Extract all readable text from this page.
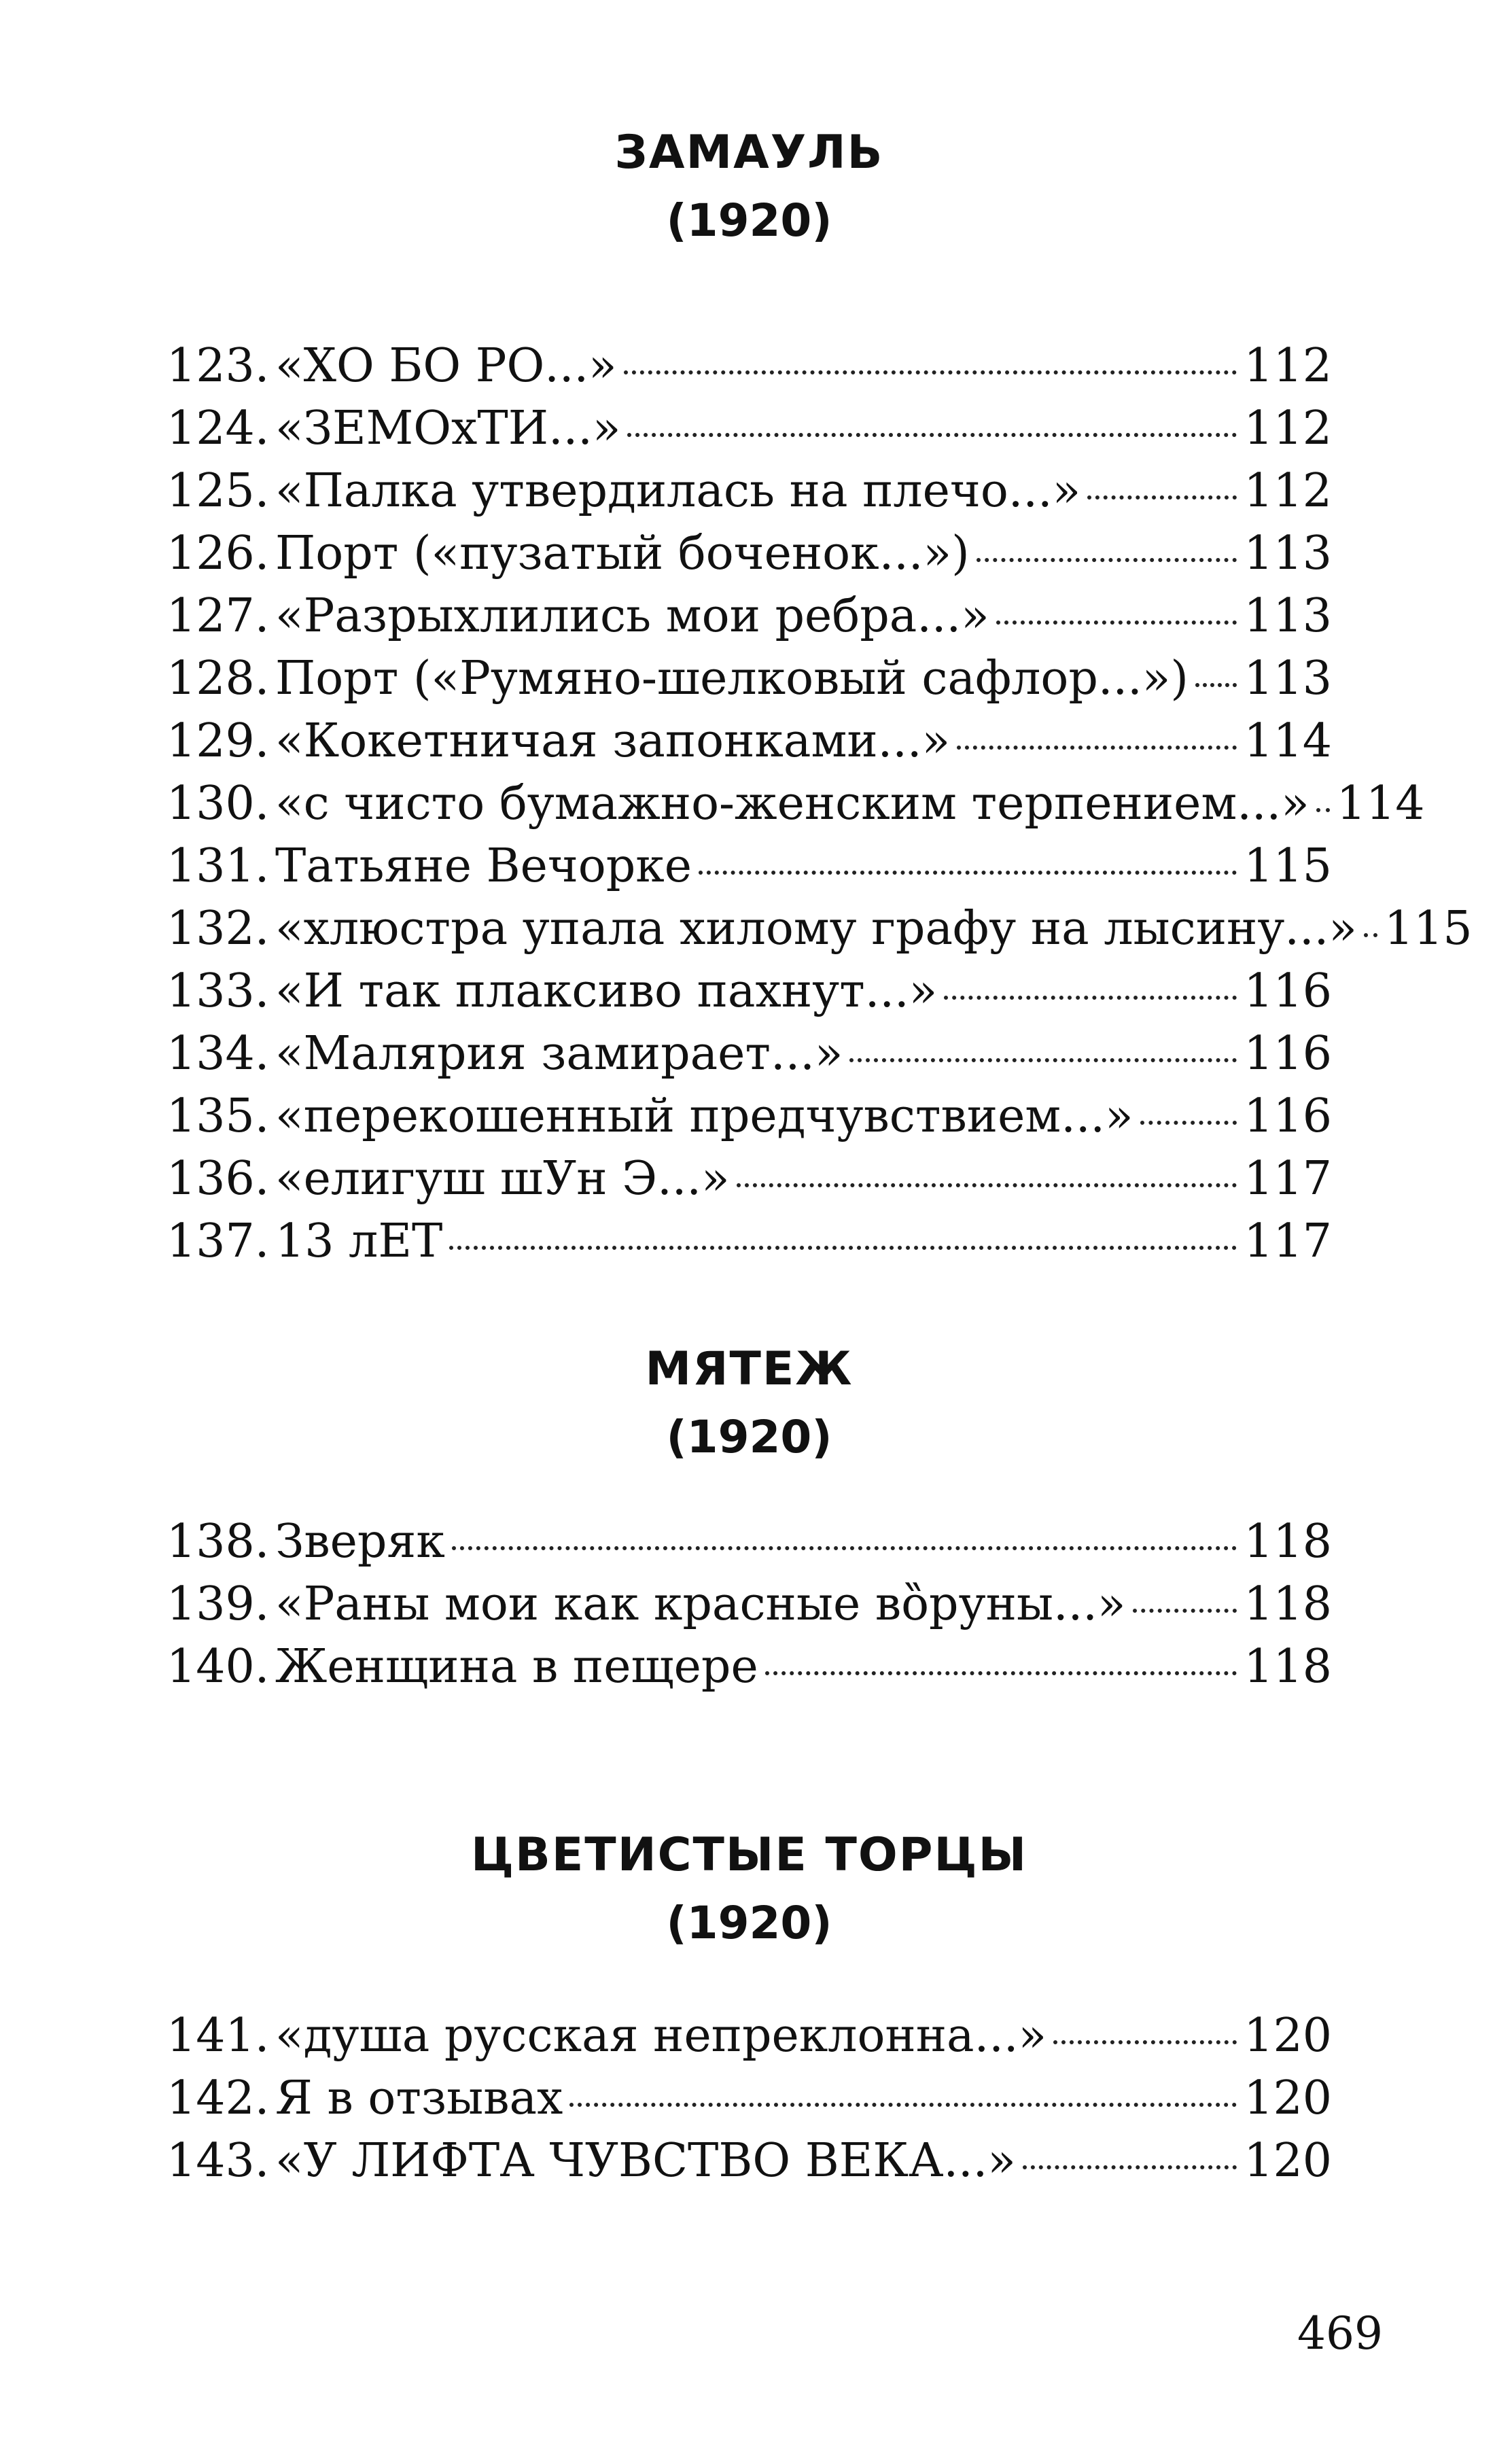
ЗАМАУЛЬ
(1920)
123. «ХО БО РО...»	112
124. «ЗЕМОхТИ...»	112
125. «Палка утвердилась на плечо...»	112
126. Порт («пузатый боченок...»)	113
127. «Разрыхлились мои ребра...»	113
128. Порт («Румяно-шелковый сафлор...») 113
129. «Кокетничая запонками...»	114
130. «с чисто бумажно-женским терпением...» 114
131. Татьяне Вечорке	115
132. «хлюстра упала хилому графу на лысину...» 115
133. «И так плаксиво пахнут...»	116
134. «Малярия замирает...»	116
135. «перекошенный предчувствием...» 116
136. «елигуш шУн Э...»	117
137. 13 лЕТ	117
МЯТЕЖ
(1920)
138. Зверяк	118
139. «Раны мои как красные вȍруны...»	118
140. Женщина в пещере	118
ЦВЕТИСТЫЕ ТОРЦЫ
(1920)
141. «душа русская непреклонна...»	120
142. Я в отзывах	120
143. «У ЛИФТА ЧУВСТВО ВЕКА...»	120
469
